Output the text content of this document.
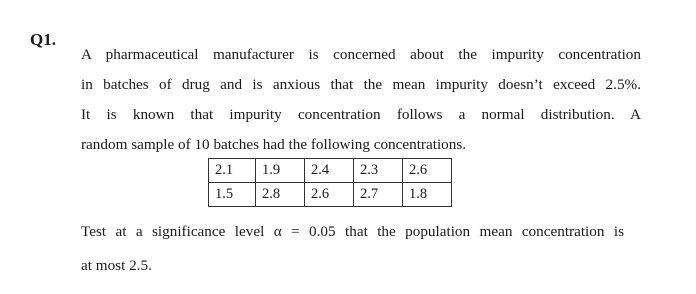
Q1.
A pharmaceutical manufacturer is concerned about the impurity concentration
in batches of drug and is anxious that the mean impurity doesn’t exceed 2.5%.
It is known that impurity concentration follows a normal distribution. A
random sample of 10 batches had the following concentrations.
2.1	1.9	2.4	2.3	2.6
1.5	2.8	2.6	2.7	1.8
Test at a significance level α = 0.05 that the population mean concentration is
at most 2.5.
